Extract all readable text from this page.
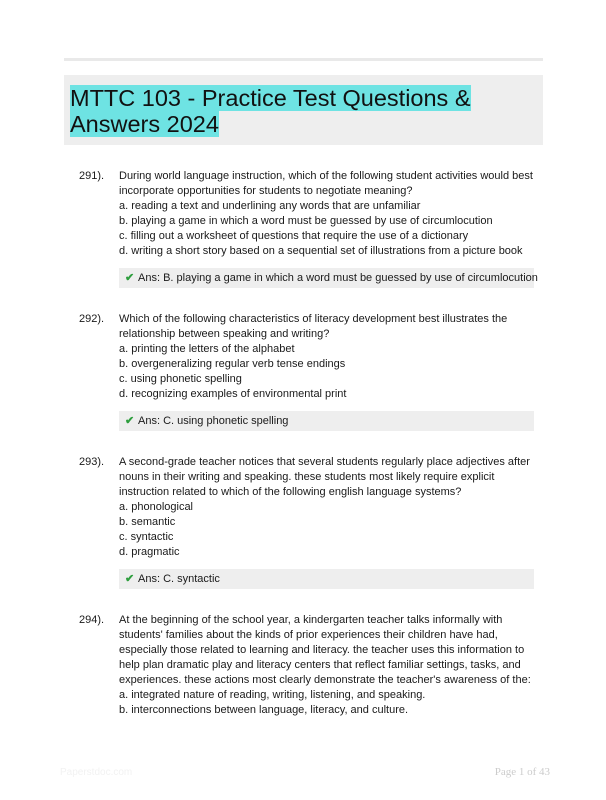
MTTC 103 - Practice Test Questions & Answers 2024
291). During world language instruction, which of the following student activities would best
incorporate opportunities for students to negotiate meaning?
a. reading a text and underlining any words that are unfamiliar
b. playing a game in which a word must be guessed by use of circumlocution
c. filling out a worksheet of questions that require the use of a dictionary
d. writing a short story based on a sequential set of illustrations from a picture book
✔ Ans: B. playing a game in which a word must be guessed by use of circumlocution
292). Which of the following characteristics of literacy development best illustrates the
relationship between speaking and writing?
a. printing the letters of the alphabet
b. overgeneralizing regular verb tense endings
c. using phonetic spelling
d. recognizing examples of environmental print
✔ Ans: C. using phonetic spelling
293). A second-grade teacher notices that several students regularly place adjectives after
nouns in their writing and speaking. these students most likely require explicit
instruction related to which of the following english language systems?
a. phonological
b. semantic
c. syntactic
d. pragmatic
✔ Ans: C. syntactic
294). At the beginning of the school year, a kindergarten teacher talks informally with
students' families about the kinds of prior experiences their children have had,
especially those related to learning and literacy. the teacher uses this information to
help plan dramatic play and literacy centers that reflect familiar settings, tasks, and
experiences. these actions most clearly demonstrate the teacher's awareness of the:
a. integrated nature of reading, writing, listening, and speaking.
b. interconnections between language, literacy, and culture.
Paperstdoc.com	Page 1 of 43
